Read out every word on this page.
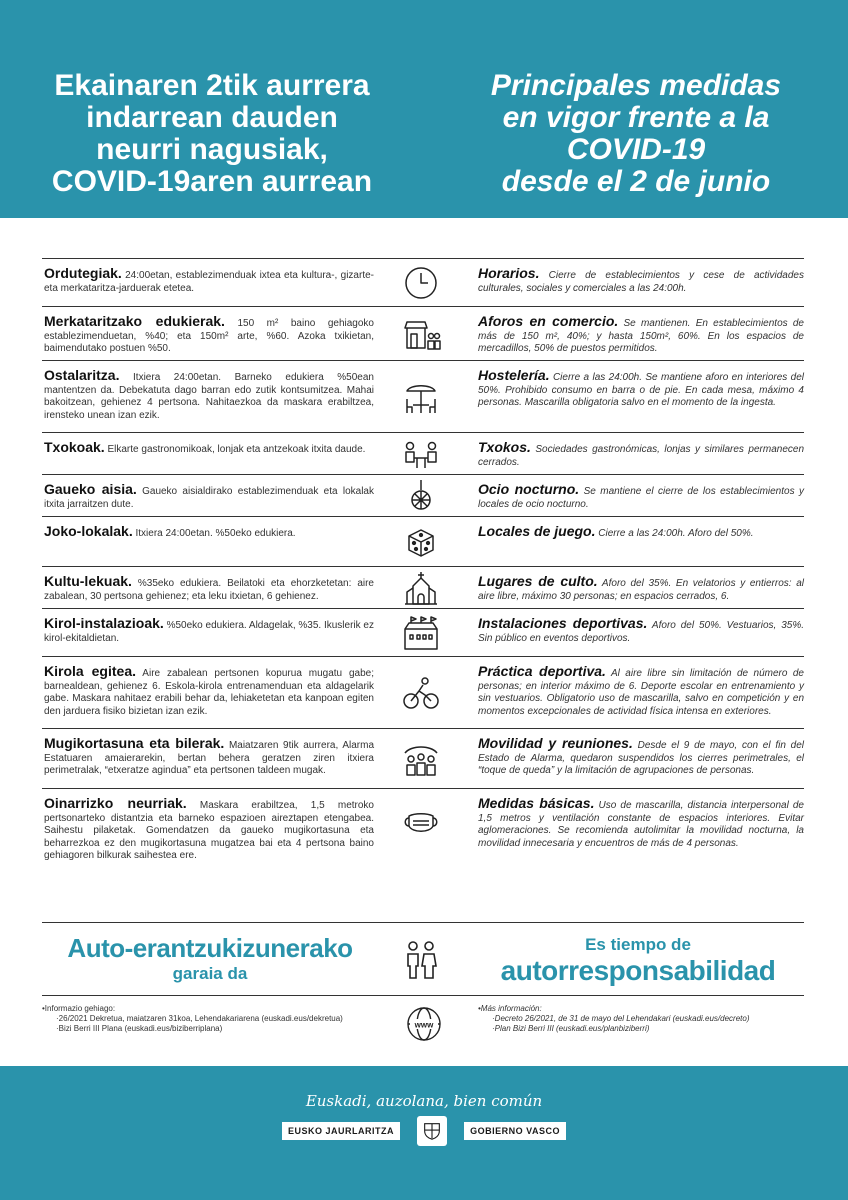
Ekainaren 2tik aurrera
indarrean dauden
neurri nagusiak,
COVID-19aren aurrean
Principales medidas
en vigor frente a la
COVID-19
desde el 2 de junio
Ordutegiak. 24:00etan, establezimenduak ixtea eta kultura-, gizarte- eta merkataritza-jarduerak etetea.
Horarios. Cierre de establecimientos y cese de actividades culturales, sociales y comerciales a las 24:00h.
Merkataritzako edukierak. 150 m² baino gehiagoko establezimenduetan, %40; eta 150m² arte, %60. Azoka txikietan, baimendutako postuen %50.
Aforos en comercio. Se mantienen. En establecimientos de más de 150 m², 40%; y hasta 150m², 60%. En los espacios de mercadillos, 50% de puestos permitidos.
Ostalaritza. Itxiera 24:00etan. Barneko edukiera %50ean mantentzen da. Debekatuta dago barran edo zutik kontsumitzea. Mahai bakoitzean, gehienez 4 pertsona. Nahitaezkoa da maskara erabiltzea, irensteko unean izan ezik.
Hostelería. Cierre a las 24:00h. Se mantiene aforo en interiores del 50%. Prohibido consumo en barra o de pie. En cada mesa, máximo 4 personas. Mascarilla obligatoria salvo en el momento de la ingesta.
Txokoak. Elkarte gastronomikoak, lonjak eta antzekoak itxita daude.	Txokos. Sociedades gastronómicas, lonjas y similares permanecen cerrados.
Gaueko aisia. Gaueko aisialdirako establezimenduak eta lokalak itxita jarraitzen dute.
Ocio nocturno. Se mantiene el cierre de los establecimientos y locales de ocio nocturno.
Joko-lokalak. Itxiera 24:00etan. %50eko edukiera.	Locales de juego. Cierre a las 24:00h. Aforo del 50%.
Kultu-lekuak. %35eko edukiera. Beilatoki eta ehorzketetan: aire zabalean, 30 pertsona gehienez; eta leku itxietan, 6 gehienez.
Lugares de culto. Aforo del 35%. En velatorios y entierros: al aire libre, máximo 30 personas; en espacios cerrados, 6.
Kirol-instalazioak. %50eko edukiera. Aldagelak, %35. Ikuslerik ez kirol-ekitaldietan.
Instalaciones deportivas. Aforo del 50%. Vestuarios, 35%. Sin público en eventos deportivos.
Kirola egitea. Aire zabalean pertsonen kopurua mugatu gabe; barnealdean, gehienez 6. Eskola-kirola entrenamenduan eta aldagelarik gabe. Maskara nahitaez erabili behar da, lehiaketetan eta kanpoan egiten den jarduera fisiko bizietan izan ezik.
Práctica deportiva. Al aire libre sin limitación de número de personas; en interior máximo de 6. Deporte escolar en entrenamiento y sin vestuarios. Obligatorio uso de mascarilla, salvo en competición y en momentos excepcionales de actividad física intensa en exteriores.
Mugikortasuna eta bilerak. Maiatzaren 9tik aurrera, Alarma Estatuaren amaierarekin, bertan behera geratzen ziren itxiera perimetralak, “etxeratze agindua” eta pertsonen taldeen mugak.
Movilidad y reuniones. Desde el 9 de mayo, con el fin del Estado de Alarma, quedaron suspendidos los cierres perimetrales, el “toque de queda” y la limitación de agrupaciones de personas.
Oinarrizko neurriak. Maskara erabiltzea, 1,5 metroko pertsonarteko distantzia eta barneko espazioen aireztapen etengabea. Saihestu pilaketak. Gomendatzen da gaueko mugikortasuna eta beharrezkoa ez den mugikortasuna mugatzea bai eta 4 pertsona baino gehiagoren bilkurak saihestea ere.
Medidas básicas. Uso de mascarilla, distancia interpersonal de 1,5 metros y ventilación constante de espacios interiores. Evitar aglomeraciones. Se recomienda autolimitar la movilidad nocturna, la movilidad innecesaria y encuentros de más de 4 personas.
Auto-erantzukizunerako
garaia da
Es tiempo de
autorresponsabilidad
•Informazio gehiago:
·26/2021 Dekretua, maiatzaren 31koa, Lehendakariarena (euskadi.eus/dekretua)
·Bizi Berri III Plana (euskadi.eus/biziberriplana)	www
•Más información:
·Decreto 26/2021, de 31 de mayo del Lehendakari (euskadi.eus/decreto)
·Plan Bizi Berri III (euskadi.eus/planbiziberri)
Euskadi, auzolana, bien común
EUSKO JAURLARITZA	GOBIERNO VASCO
